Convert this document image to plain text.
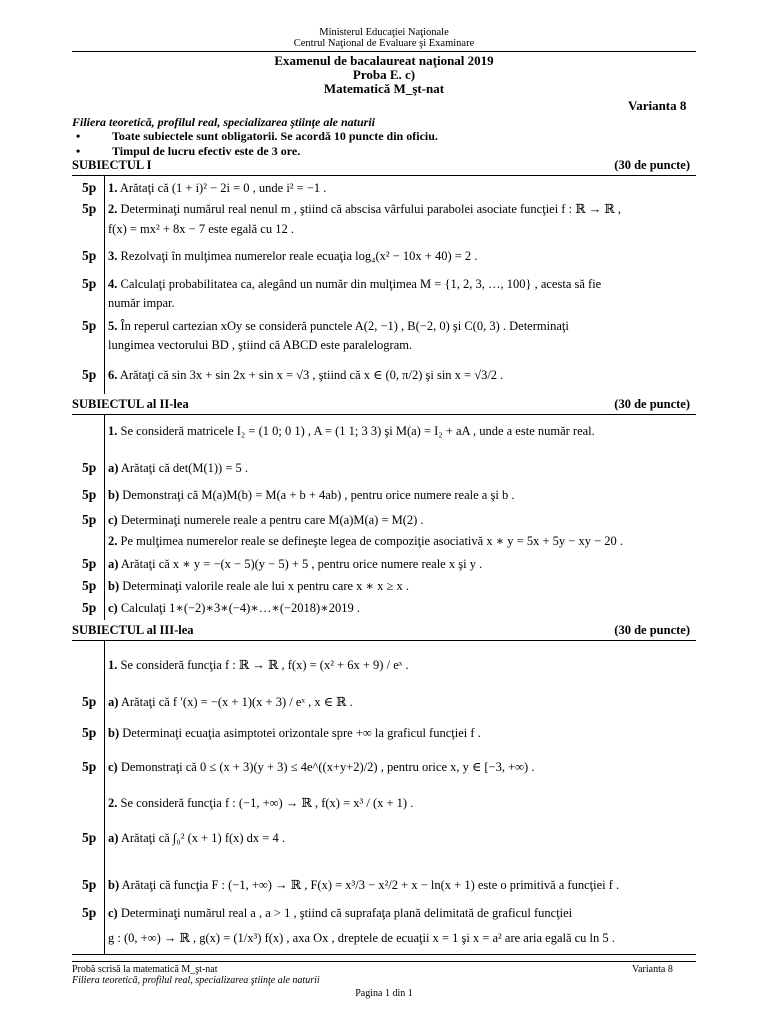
Ministerul Educaţiei Naţionale
Centrul Naţional de Evaluare şi Examinare
Examenul de bacalaureat naţional 2019
Proba E. c)
Matematică M_şt-nat
Varianta 8
Filiera teoretică, profilul real, specializarea ştiinţe ale naturii
•	Toate subiectele sunt obligatorii. Se acordă 10 puncte din oficiu.
•	Timpul de lucru efectiv este de 3 ore.
SUBIECTUL I	(30 de puncte)
5p 1. Arătaţi că (1 + i)² − 2i = 0 , unde i² = −1 .
5p 2. Determinaţi numărul real nenul m , ştiind că abscisa vârfului parabolei asociate funcţiei f : ℝ → ℝ ,
f(x) = mx² + 8x − 7 este egală cu 12 .
5p 3. Rezolvaţi în mulţimea numerelor reale ecuaţia log₄(x² − 10x + 40) = 2 .
5p 4. Calculaţi probabilitatea ca, alegând un număr din mulţimea M = {1, 2, 3, …, 100} , acesta să fie
număr impar.
5p 5. În reperul cartezian xOy se consideră punctele A(2, −1) , B(−2, 0) şi C(0, 3) . Determinaţi
lungimea vectorului BD , ştiind că ABCD este paralelogram.
5p 6. Arătaţi că sin 3x + sin 2x + sin x = √3 , ştiind că x ∈ (0, π/2) şi sin x = √3/2 .
SUBIECTUL al II-lea	(30 de puncte)
1. Se consideră matricele I₂ = (1 0; 0 1) , A = (1 1; 3 3) şi M(a) = I₂ + aA , unde a este număr real.
5p a) Arătaţi că det(M(1)) = 5 .
5p b) Demonstraţi că M(a)M(b) = M(a + b + 4ab) , pentru orice numere reale a şi b .
5p c) Determinaţi numerele reale a pentru care M(a)M(a) = M(2) .
2. Pe mulţimea numerelor reale se defineşte legea de compoziţie asociativă x ∗ y = 5x + 5y − xy − 20 .
5p a) Arătaţi că x ∗ y = −(x − 5)(y − 5) + 5 , pentru orice numere reale x şi y .
5p b) Determinaţi valorile reale ale lui x pentru care x ∗ x ≥ x .
5p c) Calculaţi 1∗(−2)∗3∗(−4)∗…∗(−2018)∗2019 .
SUBIECTUL al III-lea	(30 de puncte)
1. Se consideră funcţia f : ℝ → ℝ , f(x) = (x² + 6x + 9) / eˣ .
5p a) Arătaţi că f ′(x) = −(x + 1)(x + 3) / eˣ , x ∈ ℝ .
5p b) Determinaţi ecuaţia asimptotei orizontale spre +∞ la graficul funcţiei f .
5p c) Demonstraţi că 0 ≤ (x + 3)(y + 3) ≤ 4e^((x+y+2)/2) , pentru orice x, y ∈ [−3, +∞) .
2. Se consideră funcţia f : (−1, +∞) → ℝ , f(x) = x³ / (x + 1) .
5p a) Arătaţi că ∫₀² (x + 1) f(x) dx = 4 .
5p b) Arătaţi că funcţia F : (−1, +∞) → ℝ , F(x) = x³/3 − x²/2 + x − ln(x + 1) este o primitivă a funcţiei f .
5p c) Determinaţi numărul real a , a > 1 , ştiind că suprafaţa plană delimitată de graficul funcţiei
g : (0, +∞) → ℝ , g(x) = (1/x³) f(x) , axa Ox , dreptele de ecuaţii x = 1 şi x = a² are aria egală cu ln 5 .
Probă scrisă la matematică M_şt-nat
Filiera teoretică, profilul real, specializarea ştiinţe ale naturii
Varianta 8
Pagina 1 din 1
